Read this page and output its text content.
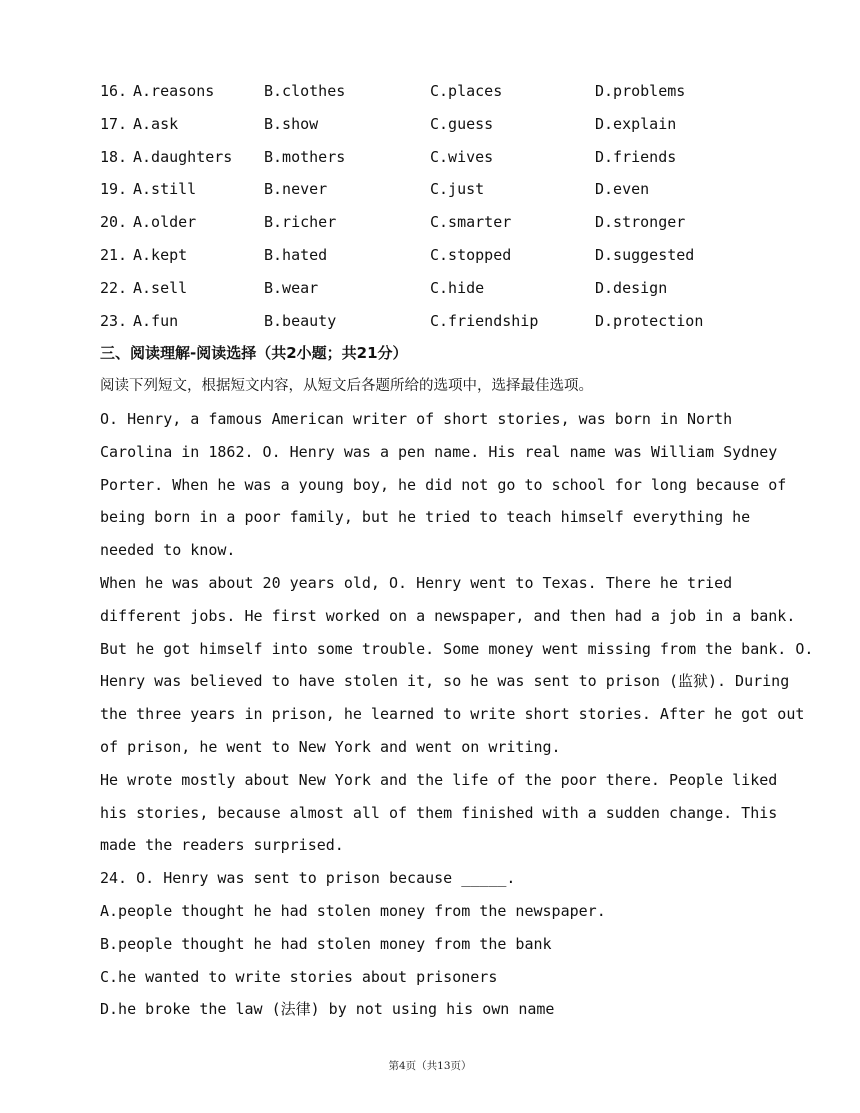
16. A.reasons	B.clothes	C.places	D.problems
17. A.ask	B.show	C.guess	D.explain
18. A.daughters B.mothers	C.wives	D.friends
19. A.still	B.never	C.just	D.even
20. A.older	B.richer	C.smarter	D.stronger
21. A.kept	B.hated	C.stopped	D.suggested
22. A.sell	B.wear	C.hide	D.design
23. A.fun	B.beauty	C.friendship	D.protection
三、阅读理解-阅读选择（共2小题；共21分）
阅读下列短文，根据短文内容，从短文后各题所给的选项中，选择最佳选项。
O. Henry, a famous American writer of short stories, was born in North
Carolina in 1862. O. Henry was a pen name. His real name was William Sydney
Porter. When he was a young boy, he did not go to school for long because of
being born in a poor family, but he tried to teach himself everything he
needed to know.
When he was about 20 years old, O. Henry went to Texas. There he tried
different jobs. He first worked on a newspaper, and then had a job in a bank.
But he got himself into some trouble. Some money went missing from the bank. O.
Henry was believed to have stolen it, so he was sent to prison (监狱). During
the three years in prison, he learned to write short stories. After he got out
of prison, he went to New York and went on writing.
He wrote mostly about New York and the life of the poor there. People liked
his stories, because almost all of them finished with a sudden change. This
made the readers surprised.
24. O. Henry was sent to prison because _____.
A.people thought he had stolen money from the newspaper.
B.people thought he had stolen money from the bank
C.he wanted to write stories about prisoners
D.he broke the law (法律) by not using his own name
第4页（共13页）
